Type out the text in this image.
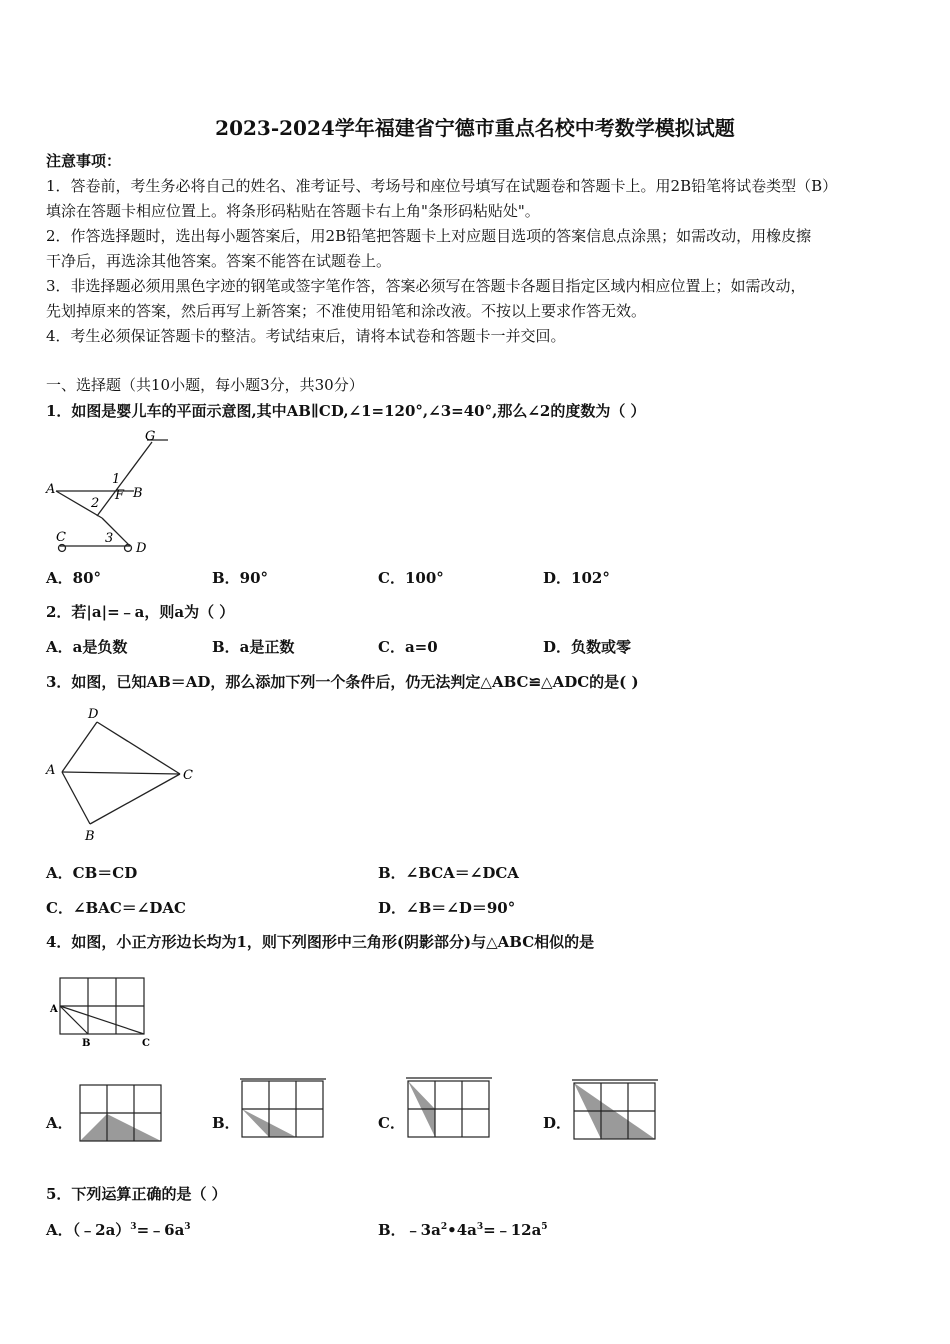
2023-2024学年福建省宁德市重点名校中考数学模拟试题
注意事项：
1．答卷前，考生务必将自己的姓名、准考证号、考场号和座位号填写在试题卷和答题卡上。用2B铅笔将试卷类型（B）
填涂在答题卡相应位置上。将条形码粘贴在答题卡右上角"条形码粘贴处"。
2．作答选择题时，选出每小题答案后，用2B铅笔把答题卡上对应题目选项的答案信息点涂黑；如需改动，用橡皮擦
干净后，再选涂其他答案。答案不能答在试题卷上。
3．非选择题必须用黑色字迹的钢笔或签字笔作答，答案必须写在答题卡各题目指定区域内相应位置上；如需改动，
先划掉原来的答案，然后再写上新答案；不准使用铅笔和涂改液。不按以上要求作答无效。
4．考生必须保证答题卡的整洁。考试结束后，请将本试卷和答题卡一并交回。
一、选择题（共10小题，每小题3分，共30分）
1．如图是婴儿车的平面示意图,其中AB∥CD,∠1=120°,∠3=40°,那么∠2的度数为（ ）
G
A	B
F
1
2
3
C
D
A．80°	B．90°	C．100°	D．102°
2．若|a|=﹣a，则a为（ ）
A．a是负数	B．a是正数	C．a=0	D．负数或零
3．如图，已知AB＝AD，那么添加下列一个条件后，仍无法判定△ABC≌△ADC的是( )
D
A	C
B
A．CB＝CD	B．∠BCA＝∠DCA
C．∠BAC＝∠DAC	D．∠B＝∠D＝90°
4．如图，小正方形边长均为1，则下列图形中三角形(阴影部分)与△ABC相似的是
A
B	C
A．	B．	C．	D．
5．下列运算正确的是（ ）
A．$(﹣2a)^3=﹣6a^3$	B．$﹣3a^2•4a^3=﹣12a^5$
